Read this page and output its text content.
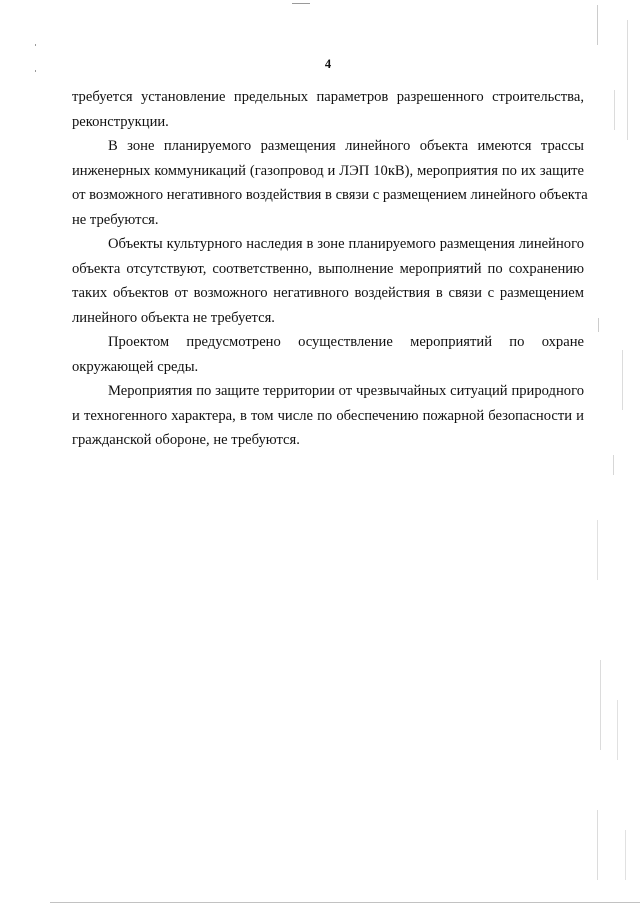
4
требуется установление предельных параметров разрешенного строительства,
реконструкции.
В зоне планируемого размещения линейного объекта имеются трассы
инженерных коммуникаций (газопровод и ЛЭП 10кВ), мероприятия по их защите
от возможного негативного воздействия в связи с размещением линейного объекта
не требуются.
Объекты культурного наследия в зоне планируемого размещения линейного
объекта отсутствуют, соответственно, выполнение мероприятий по сохранению
таких объектов от возможного негативного воздействия в связи с размещением
линейного объекта не требуется.
Проектом предусмотрено осуществление мероприятий по охране
окружающей среды.
Мероприятия по защите территории от чрезвычайных ситуаций природного
и техногенного характера, в том числе по обеспечению пожарной безопасности и
гражданской обороне, не требуются.
